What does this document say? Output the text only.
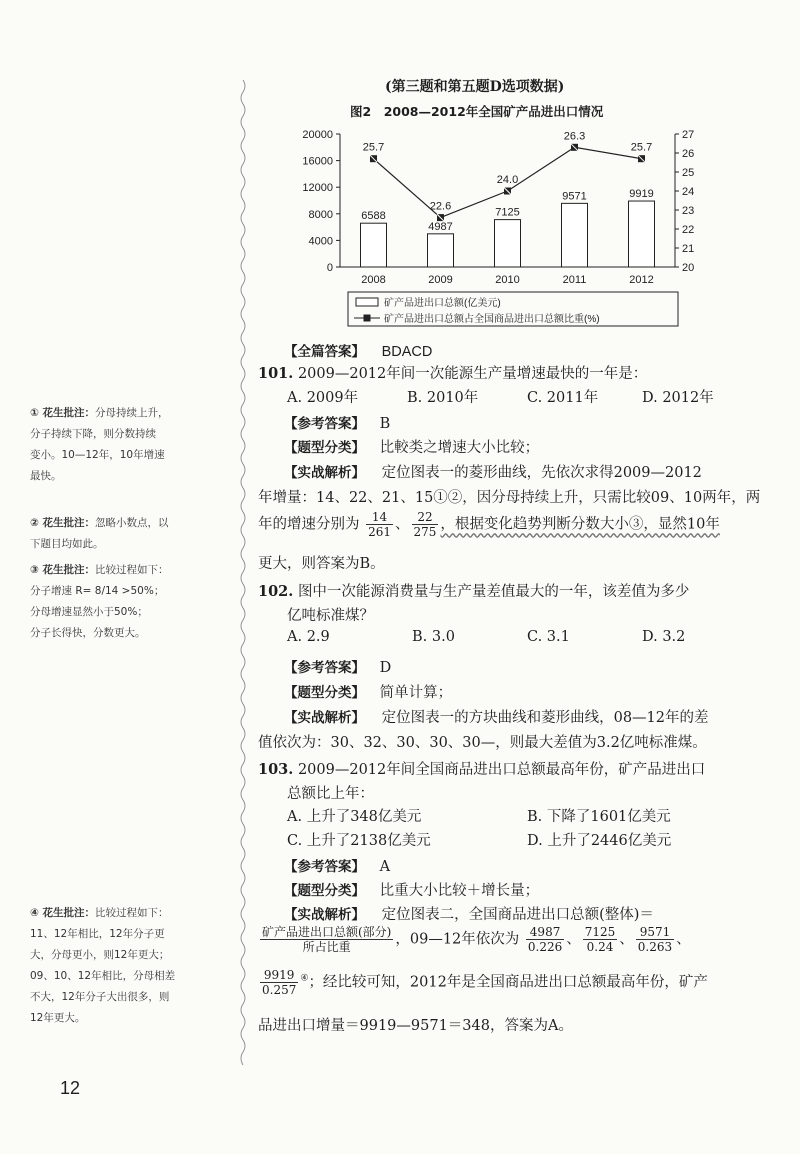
(第三题和第五题D选项数据)
图2　2008—2012年全国矿产品进出口情况
0
4000
8000
12000
16000
20000
20
21
22
23
24
25
26
27
2008	2009	2010	2011	2012
6588
4987
7125
9571	9919
25.7
22.6
24.0
26.3
25.7
矿产品进出口总额(亿美元)
矿产品进出口总额占全国商品进出口总额比重(%)
【全篇答案】 BDACD
101. 2009—2012年间一次能源生产量增速最快的一年是：
A. 2009年	B. 2010年	C. 2011年	D. 2012年
【参考答案】 B
【题型分类】 比較类之增速大小比较；
【实战解析】 定位图表一的菱形曲线，先依次求得2009—2012
年增量：14、22、21、15①②，因分母持续上升，只需比较09、10两年，两
年的增速分别为 $\frac{14}{261}$ 、 $\frac{22}{275}$ ，根据变化趋势判断分数大小③，显然10年
更大，则答案为B。
102. 图中一次能源消费量与生产量差值最大的一年，该差值为多少
亿吨标准煤？
A. 2.9	B. 3.0	C. 3.1	D. 3.2
【参考答案】 D
【题型分类】 简单计算；
【实战解析】 定位图表一的方块曲线和菱形曲线，08—12年的差
值依次为：30、32、30、30、30—，则最大差值为3.2亿吨标准煤。
103. 2009—2012年间全国商品进出口总额最高年份，矿产品进出口
总额比上年：
A. 上升了348亿美元	B. 下降了1601亿美元
C. 上升了2138亿美元	D. 上升了2446亿美元
【参考答案】 A
【题型分类】 比重大小比较＋增长量；
【实战解析】 定位图表二，全国商品进出口总额(整体)＝
$\frac{\text{矿产品进出口总额(部分)}}{\text{所占比重}}$ ，09—12年依次为 $\frac{4987}{0.226}$ 、 $\frac{7125}{0.24}$ 、 $\frac{9571}{0.263}$ 、
$\frac{9919}{0.257} ^④$；经比较可知，2012年是全国商品进出口总额最高年份，矿产
品进出口增量＝9919—9571＝348，答案为A。
① 花生批注：分母持续上升，
分子持续下降，则分数持续
变小。10—12年，10年增速
最快。
② 花生批注：忽略小数点，以
下题目均如此。
③ 花生批注：比较过程如下：
分子增速 R= 8/14 >50%；
分母增速显然小于50%；
分子长得快，分数更大。
④ 花生批注：比较过程如下：
11、12年相比，12年分子更
大，分母更小，则12年更大；
09、10、12年相比，分母相差
不大，12年分子大出很多，则
12年更大。
12
